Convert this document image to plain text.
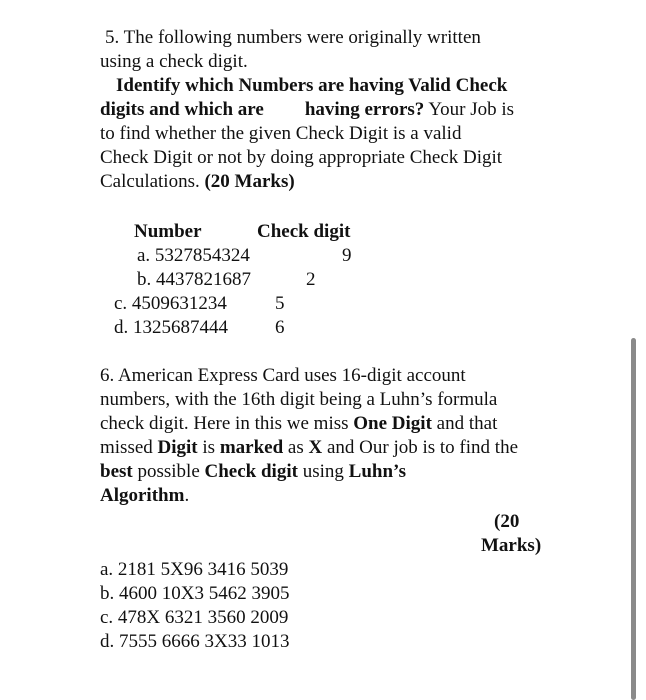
5. The following numbers were originally written
using a check digit.
Identify which Numbers are having Valid Check
digits and which are having errors? Your Job is
to find whether the given Check Digit is a valid
Check Digit or not by doing appropriate Check Digit
Calculations. (20 Marks)
Number	Check digit
a. 5327854324	9
b. 4437821687	2
c. 4509631234	5
d. 1325687444 6
6. American Express Card uses 16-digit account
numbers, with the 16th digit being a Luhn’s formula
check digit. Here in this we miss One Digit and that
missed Digit is marked as X and Our job is to find the
best possible Check digit using Luhn’s
Algorithm.
(20
Marks)
a. 2181 5X96 3416 5039
b. 4600 10X3 5462 3905
c. 478X 6321 3560 2009
d. 7555 6666 3X33 1013
